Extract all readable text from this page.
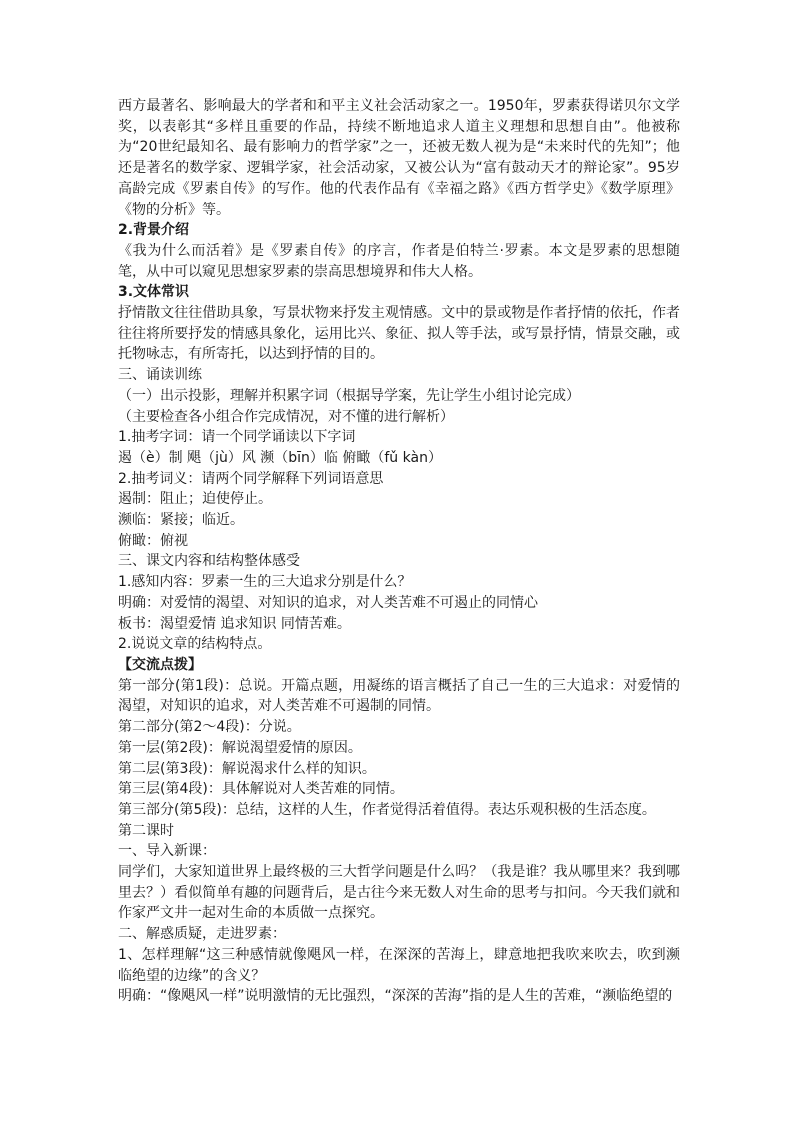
西方最著名、影响最大的学者和和平主义社会活动家之一。1950年，罗素获得诺贝尔文学奖，以表彰其“多样且重要的作品，持续不断地追求人道主义理想和思想自由”。他被称为“20世纪最知名、最有影响力的哲学家”之一，还被无数人视为是“未来时代的先知”；他还是著名的数学家、逻辑学家，社会活动家，又被公认为“富有鼓动天才的辩论家”。95岁高龄完成《罗素自传》的写作。他的代表作品有《幸福之路》《西方哲学史》《数学原理》《物的分析》等。

2.背景介绍

《我为什么而活着》是《罗素自传》的序言，作者是伯特兰·罗素。本文是罗素的思想随笔，从中可以窥见思想家罗素的崇高思想境界和伟大人格。

3.文体常识

抒情散文往往借助具象，写景状物来抒发主观情感。文中的景或物是作者抒情的依托，作者往往将所要抒发的情感具象化，运用比兴、象征、拟人等手法，或写景抒情，情景交融，或托物咏志，有所寄托，以达到抒情的目的。

三、诵读训练

（一）出示投影，理解并积累字词（根据导学案，先让学生小组讨论完成）

（主要检查各小组合作完成情况，对不懂的进行解析）

1.抽考字词：请一个同学诵读以下字词

遏（è）制 飓（jù）风 濒（bīn）临 俯瞰（fǔ kàn）

2.抽考词义：请两个同学解释下列词语意思

遏制：阻止；迫使停止。

濒临：紧接；临近。

俯瞰：俯视

三、课文内容和结构整体感受

1.感知内容：罗素一生的三大追求分别是什么？

明确：对爱情的渴望、对知识的追求，对人类苦难不可遏止的同情心

板书：渴望爱情 追求知识 同情苦难。

2.说说文章的结构特点。

【交流点拨】

第一部分(第1段)：总说。开篇点题，用凝练的语言概括了自己一生的三大追求：对爱情的渴望，对知识的追求，对人类苦难不可遏制的同情。

第二部分(第2～4段)：分说。

第一层(第2段)：解说渴望爱情的原因。

第二层(第3段)：解说渴求什么样的知识。

第三层(第4段)：具体解说对人类苦难的同情。

第三部分(第5段)：总结，这样的人生，作者觉得活着值得。表达乐观积极的生活态度。

第二课时

一、导入新课：

同学们，大家知道世界上最终极的三大哲学问题是什么吗？（我是谁？我从哪里来？我到哪里去？）看似简单有趣的问题背后，是古往今来无数人对生命的思考与扣问。今天我们就和作家严文井一起对生命的本质做一点探究。

二、解惑质疑，走进罗素：

1、怎样理解“这三种感情就像飓风一样，在深深的苦海上，肆意地把我吹来吹去，吹到濒临绝望的边缘”的含义？

明确：“像飓风一样”说明激情的无比强烈，“深深的苦海”指的是人生的苦难，“濒临绝望的
